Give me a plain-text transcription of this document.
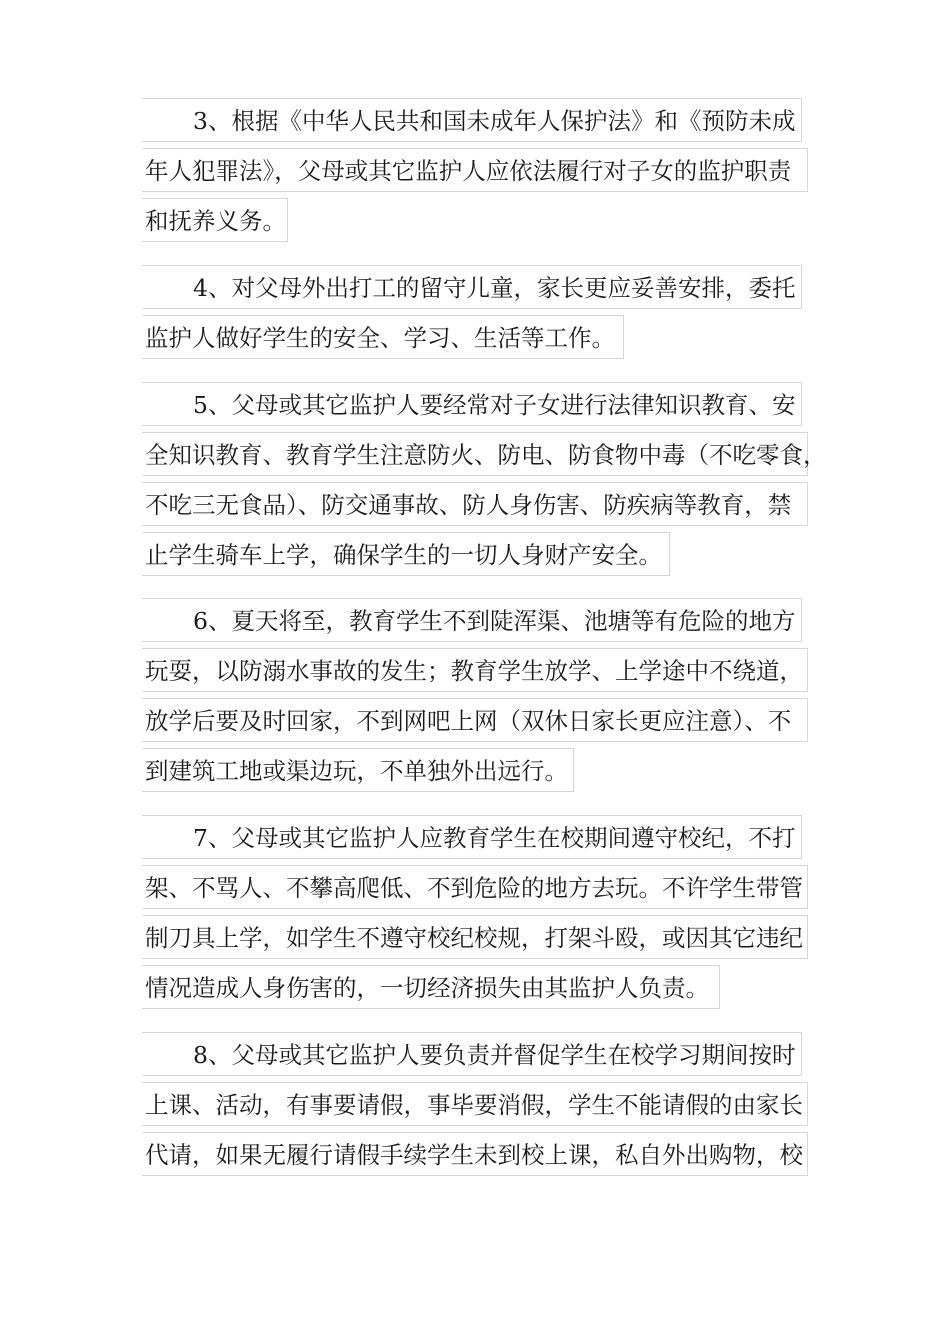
3、根据《中华人民共和国未成年人保护法》和《预防未成
年人犯罪法》，父母或其它监护人应依法履行对子女的监护职责
和抚养义务。
4、对父母外出打工的留守儿童，家长更应妥善安排，委托
监护人做好学生的安全、学习、生活等工作。
5、父母或其它监护人要经常对子女进行法律知识教育、安
全知识教育、教育学生注意防火、防电、防食物中毒（不吃零食，
不吃三无食品）、防交通事故、防人身伤害、防疾病等教育，禁
止学生骑车上学，确保学生的一切人身财产安全。
6、夏天将至，教育学生不到陡浑渠、池塘等有危险的地方
玩耍，以防溺水事故的发生；教育学生放学、上学途中不绕道，
放学后要及时回家，不到网吧上网（双休日家长更应注意）、不
到建筑工地或渠边玩，不单独外出远行。
7、父母或其它监护人应教育学生在校期间遵守校纪，不打
架、不骂人、不攀高爬低、不到危险的地方去玩。不许学生带管
制刀具上学，如学生不遵守校纪校规，打架斗殴，或因其它违纪
情况造成人身伤害的，一切经济损失由其监护人负责。
8、父母或其它监护人要负责并督促学生在校学习期间按时
上课、活动，有事要请假，事毕要消假，学生不能请假的由家长
代请，如果无履行请假手续学生未到校上课，私自外出购物，校
